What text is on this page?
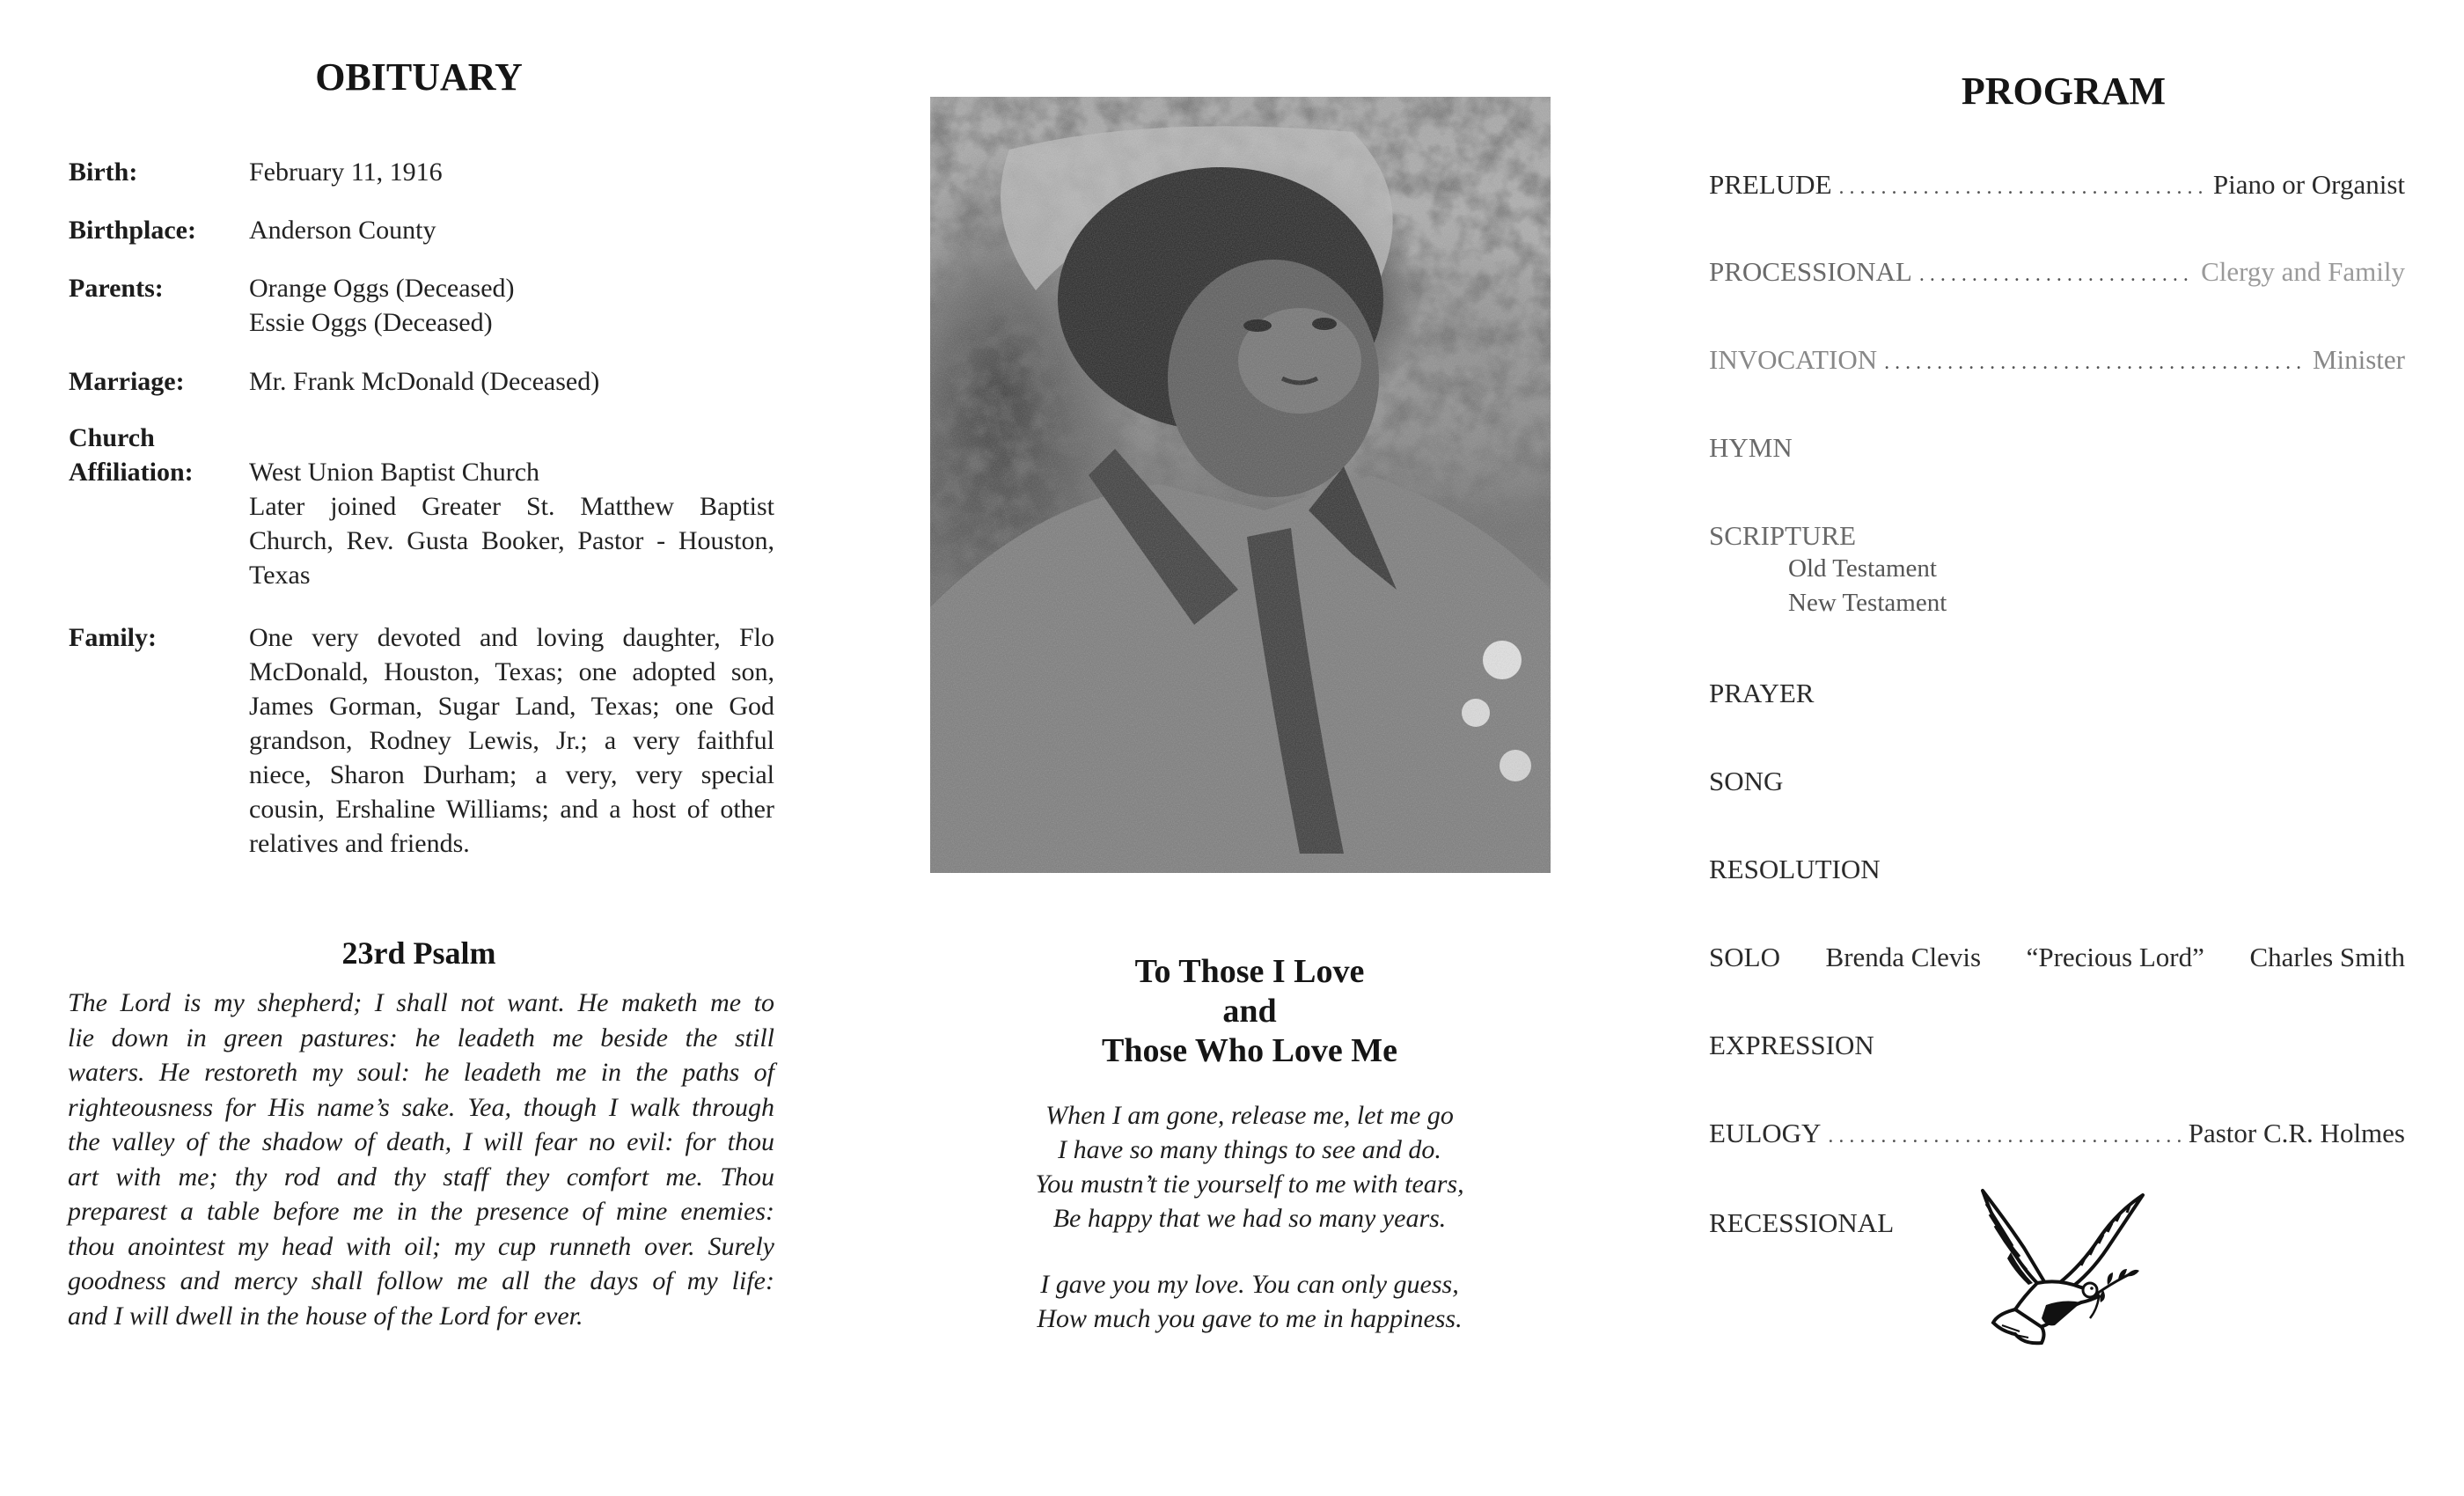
OBITUARY
Birth:	February 11, 1916
Birthplace:	Anderson County
Parents:	Orange Oggs (Deceased)
Essie Oggs (Deceased)
Marriage:	Mr. Frank McDonald (Deceased)
Church
Affiliation:	West Union Baptist Church
Later joined Greater St. Matthew Baptist
Church, Rev. Gusta Booker, Pastor - Houston,
Texas
Family:	One very devoted and loving daughter, Flo
McDonald, Houston, Texas; one adopted son,
James Gorman, Sugar Land, Texas; one God
grandson, Rodney Lewis, Jr.; a very faithful
niece, Sharon Durham; a very, very special
cousin, Ershaline Williams; and a host of other
relatives and friends.
23rd Psalm
The Lord is my shepherd; I shall not want. He maketh me to
lie down in green pastures: he leadeth me beside the still
waters. He restoreth my soul: he leadeth me in the paths of
righteousness for His name’s sake. Yea, though I walk through
the valley of the shadow of death, I will fear no evil: for thou
art with me; thy rod and thy staff they comfort me. Thou
preparest a table before me in the presence of mine enemies:
thou anointest my head with oil; my cup runneth over. Surely
goodness and mercy shall follow me all the days of my life:
and I will dwell in the house of the Lord for ever.
To Those I Love
and
Those Who Love Me
When I am gone, release me, let me go
I have so many things to see and do.
You mustn’t tie yourself to me with tears,
Be happy that we had so many years.
I gave you my love. You can only guess,
How much you gave to me in happiness.
PROGRAM
PRELUDE . . .	Piano or Organist
PROCESSIONAL . . .	Clergy and Family
INVOCATION . . .	Minister
HYMN
SCRIPTURE
Old Testament
New Testament
PRAYER
SONG
RESOLUTION
SOLO Brenda Clevis “Precious Lord” Charles Smith
EXPRESSION
EULOGY . . .	Pastor C.R. Holmes
RECESSIONAL
